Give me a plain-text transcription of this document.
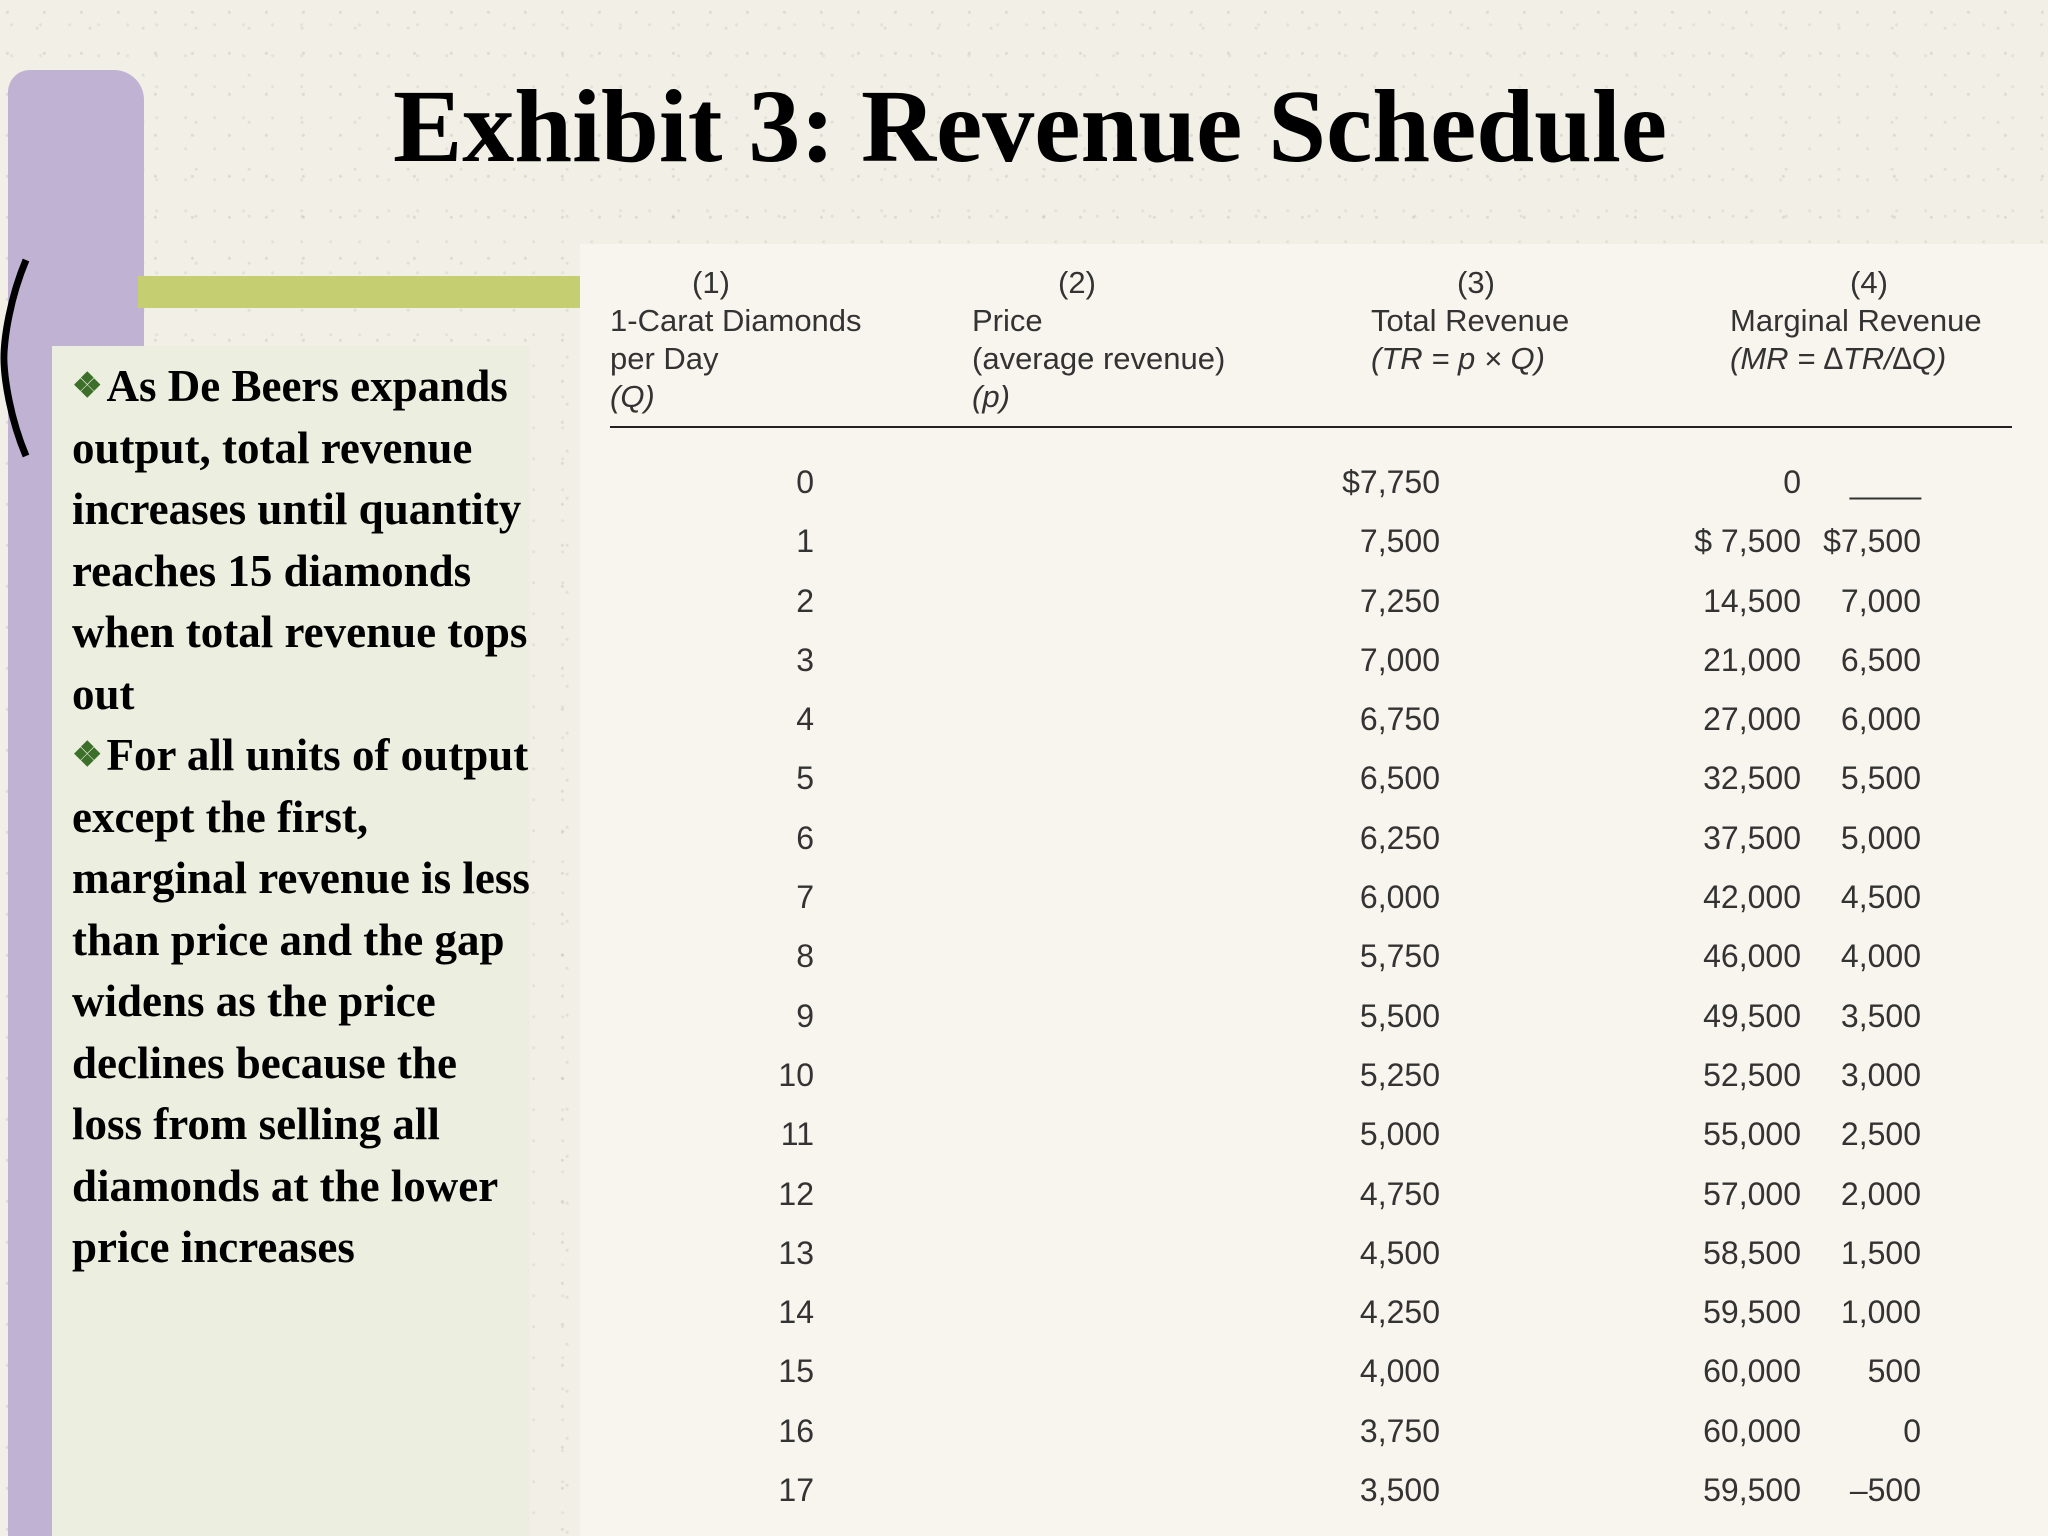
Exhibit 3: Revenue Schedule

❖As De Beers expands output, total revenue increases until quantity reaches 15 diamonds when total revenue tops out

❖For all units of output except the first, marginal revenue is less than price and the gap widens as the price declines because the loss from selling all diamonds at the lower price increases

(1)
1-Carat Diamonds
per Day
(Q)
(2)
Price
(average revenue)
(p)
(3)
Total Revenue
(TR = p × Q)
(4)
Marginal Revenue
(MR = ∆TR/∆Q)
0	$7,750	0 ____
1	7,500	$ 7,500 $7,500
2	7,250	14,500 7,000
3	7,000	21,000 6,500
4	6,750	27,000 6,000
5	6,500	32,500 5,500
6	6,250	37,500 5,000
7	6,000	42,000 4,500
8	5,750	46,000 4,000
9	5,500	49,500 3,500
10	5,250	52,500 3,000
11	5,000	55,000 2,500
12	4,750	57,000 2,000
13	4,500	58,500 1,500
14	4,250	59,500 1,000
15	4,000	60,000 500
16	3,750	60,000	0
17	3,500	59,500 –500
